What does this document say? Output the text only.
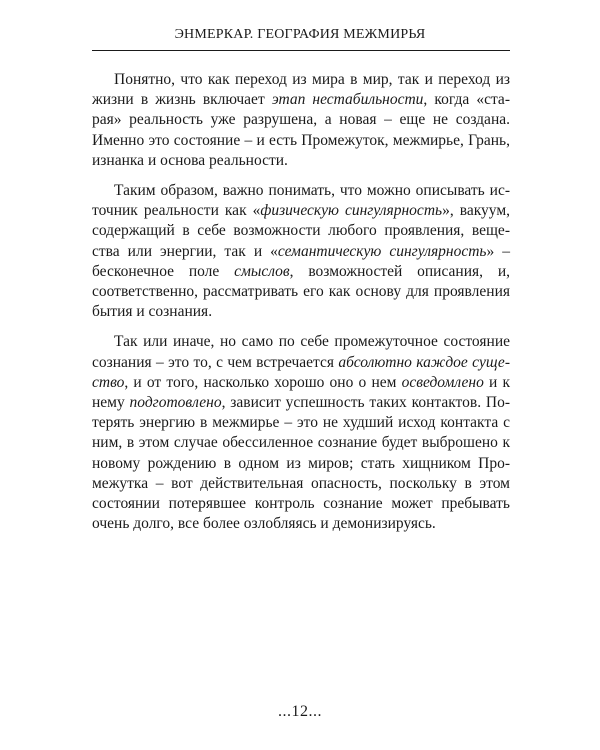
ЭНМЕРКАР. ГЕОГРАФИЯ МЕЖМИРЬЯ

Понятно, что как переход из мира в мир, так и переход из жизни в жизнь включает этап нестабильности, когда «старая» реальность уже разрушена, а новая – еще не создана. Именно это состояние – и есть Промежуток, межмирье, Грань, изнанка и основа реальности.

Таким образом, важно понимать, что можно описывать источник реальности как «физическую сингулярность», вакуум, содержащий в себе возможности любого проявления, вещества или энергии, так и «семантическую сингулярность» – бесконечное поле смыслов, возможностей описания, и, соответственно, рассматривать его как основу для проявления бытия и сознания.

Так или иначе, но само по себе промежуточное состояние сознания – это то, с чем встречается абсолютно каждое существо, и от того, насколько хорошо оно о нем осведомлено и к нему подготовлено, зависит успешность таких контактов. Потерять энергию в межмирье – это не худший исход контакта с ним, в этом случае обессиленное сознание будет выброшено к новому рождению в одном из миров; стать хищником Промежутка – вот действительная опасность, поскольку в этом состоянии потерявшее контроль сознание может пребывать очень долго, все более озлобляясь и демонизируясь.

...12...
